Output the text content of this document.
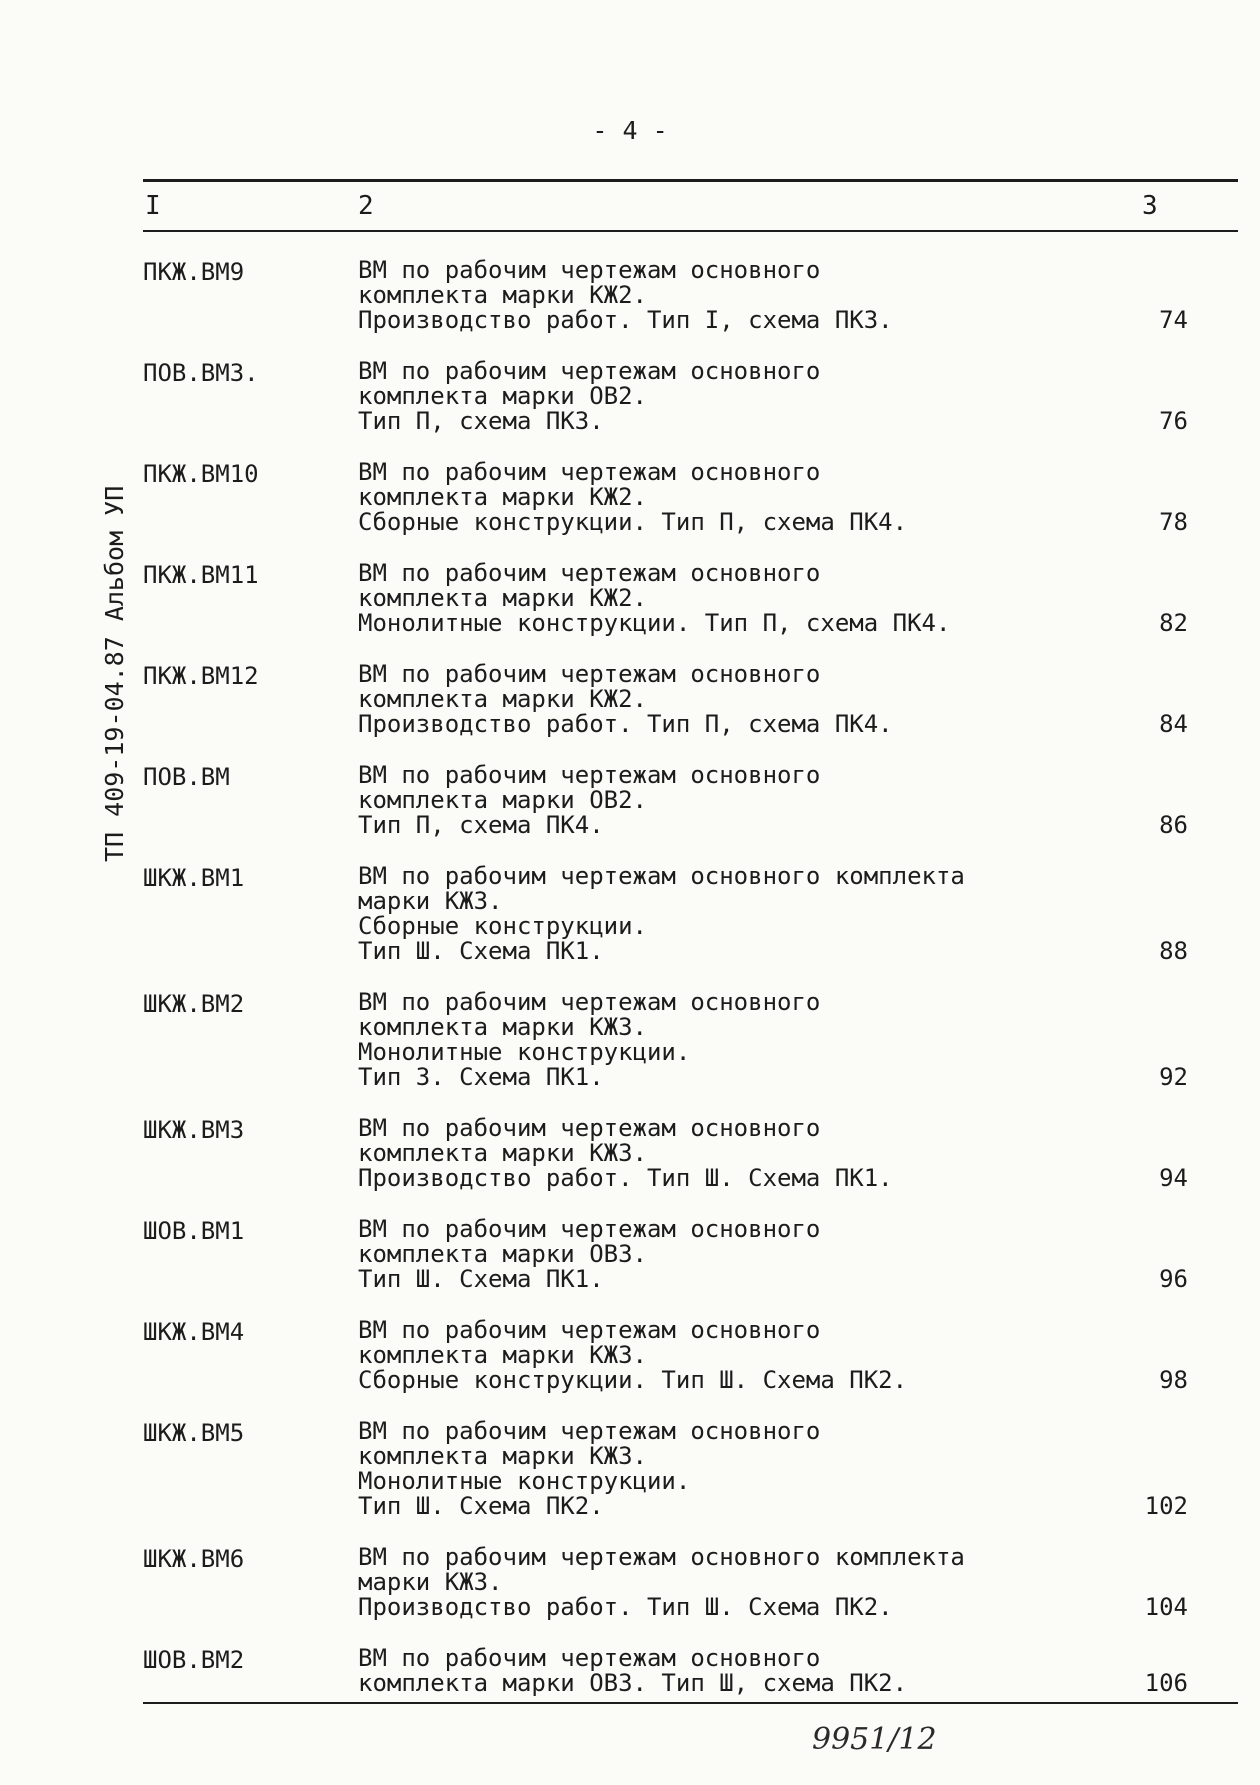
- 4 -
I	2	3
ТП 409-19-04.87 Альбом УП
ПКЖ.ВМ9	ВМ по рабочим чертежам основного
комплекта марки КЖ2.
Производство работ. Тип I, схема ПК3.	74
ПОВ.ВМ3.	ВМ по рабочим чертежам основного
комплекта марки ОВ2.
Тип П, схема ПК3.	76
ПКЖ.ВМ10	ВМ по рабочим чертежам основного
комплекта марки КЖ2.
Сборные конструкции. Тип П, схема ПК4.	78
ПКЖ.ВМ11	ВМ по рабочим чертежам основного
комплекта марки КЖ2.
Монолитные конструкции. Тип П, схема ПК4.	82
ПКЖ.ВМ12	ВМ по рабочим чертежам основного
комплекта марки КЖ2.
Производство работ. Тип П, схема ПК4.	84
ПОВ.ВМ	ВМ по рабочим чертежам основного
комплекта марки ОВ2.
Тип П, схема ПК4.	86
ШКЖ.ВМ1	ВМ по рабочим чертежам основного комплекта
марки КЖ3.
Сборные конструкции.
Тип Ш. Схема ПК1.	88
ШКЖ.ВМ2	ВМ по рабочим чертежам основного
комплекта марки КЖ3.
Монолитные конструкции.
Тип 3. Схема ПК1.	92
ШКЖ.ВМ3	ВМ по рабочим чертежам основного
комплекта марки КЖ3.
Производство работ. Тип Ш. Схема ПК1.	94
ШОВ.ВМ1	ВМ по рабочим чертежам основного
комплекта марки ОВ3.
Тип Ш. Схема ПК1.	96
ШКЖ.ВМ4	ВМ по рабочим чертежам основного
комплекта марки КЖ3.
Сборные конструкции. Тип Ш. Схема ПК2.	98
ШКЖ.ВМ5	ВМ по рабочим чертежам основного
комплекта марки КЖ3.
Монолитные конструкции.
Тип Ш. Схема ПК2.	102
ШКЖ.ВМ6	ВМ по рабочим чертежам основного комплекта
марки КЖ3.
Производство работ. Тип Ш. Схема ПК2.	104
ШОВ.ВМ2	ВМ по рабочим чертежам основного
комплекта марки ОВ3. Тип Ш, схема ПК2.	106
9951/12
